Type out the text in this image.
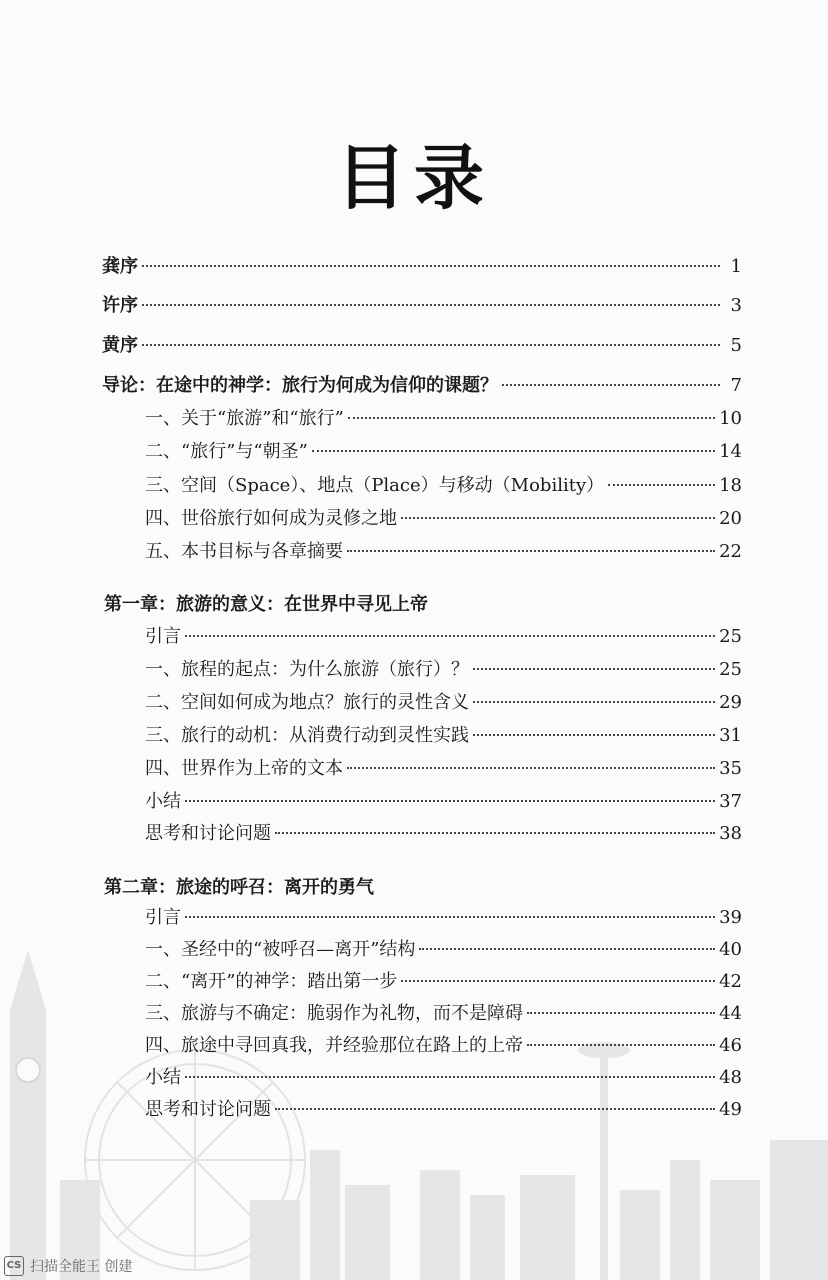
目录
龚序	1
许序	3
黄序	5
导论：在途中的神学：旅行为何成为信仰的课题？	7
一、关于“旅游”和“旅行”	10
二、“旅行”与“朝圣”	14
三、空间（Space）、地点（Place）与移动（Mobility）	18
四、世俗旅行如何成为灵修之地	20
五、本书目标与各章摘要	22
第一章：旅游的意义：在世界中寻见上帝
引言	25
一、旅程的起点：为什么旅游（旅行）？	25
二、空间如何成为地点？旅行的灵性含义	29
三、旅行的动机：从消费行动到灵性实践	31
四、世界作为上帝的文本	35
小结	37
思考和讨论问题	38
第二章：旅途的呼召：离开的勇气
引言	39
一、圣经中的“被呼召—离开”结构	40
二、“离开”的神学：踏出第一步	42
三、旅游与不确定：脆弱作为礼物，而不是障碍	44
四、旅途中寻回真我，并经验那位在路上的上帝	46
小结	48
思考和讨论问题	49
CS 扫描全能王 创建
